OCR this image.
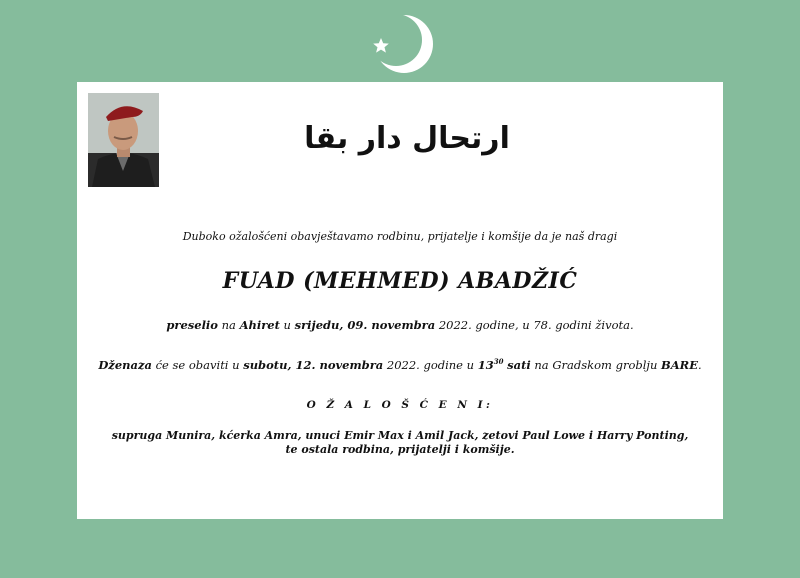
ارتحال دار بقا
Duboko ožalošćeni obavještavamo rodbinu, prijatelje i komšije da je naš dragi
FUAD (MEHMED) ABADŽIĆ
preselio na Ahiret u srijedu, 09. novembra 2022. godine, u 78. godini života.
Dženaza će se obaviti u subotu, 12. novembra 2022. godine u $13^{30}$ sati na Gradskom groblju BARE.
O Ž A L O Š Ć E N I:
supruga Munira, kćerka Amra, unuci Emir Max i Amil Jack, zetovi Paul Lowe i Harry Ponting, te ostala rodbina, prijatelji i komšije.
